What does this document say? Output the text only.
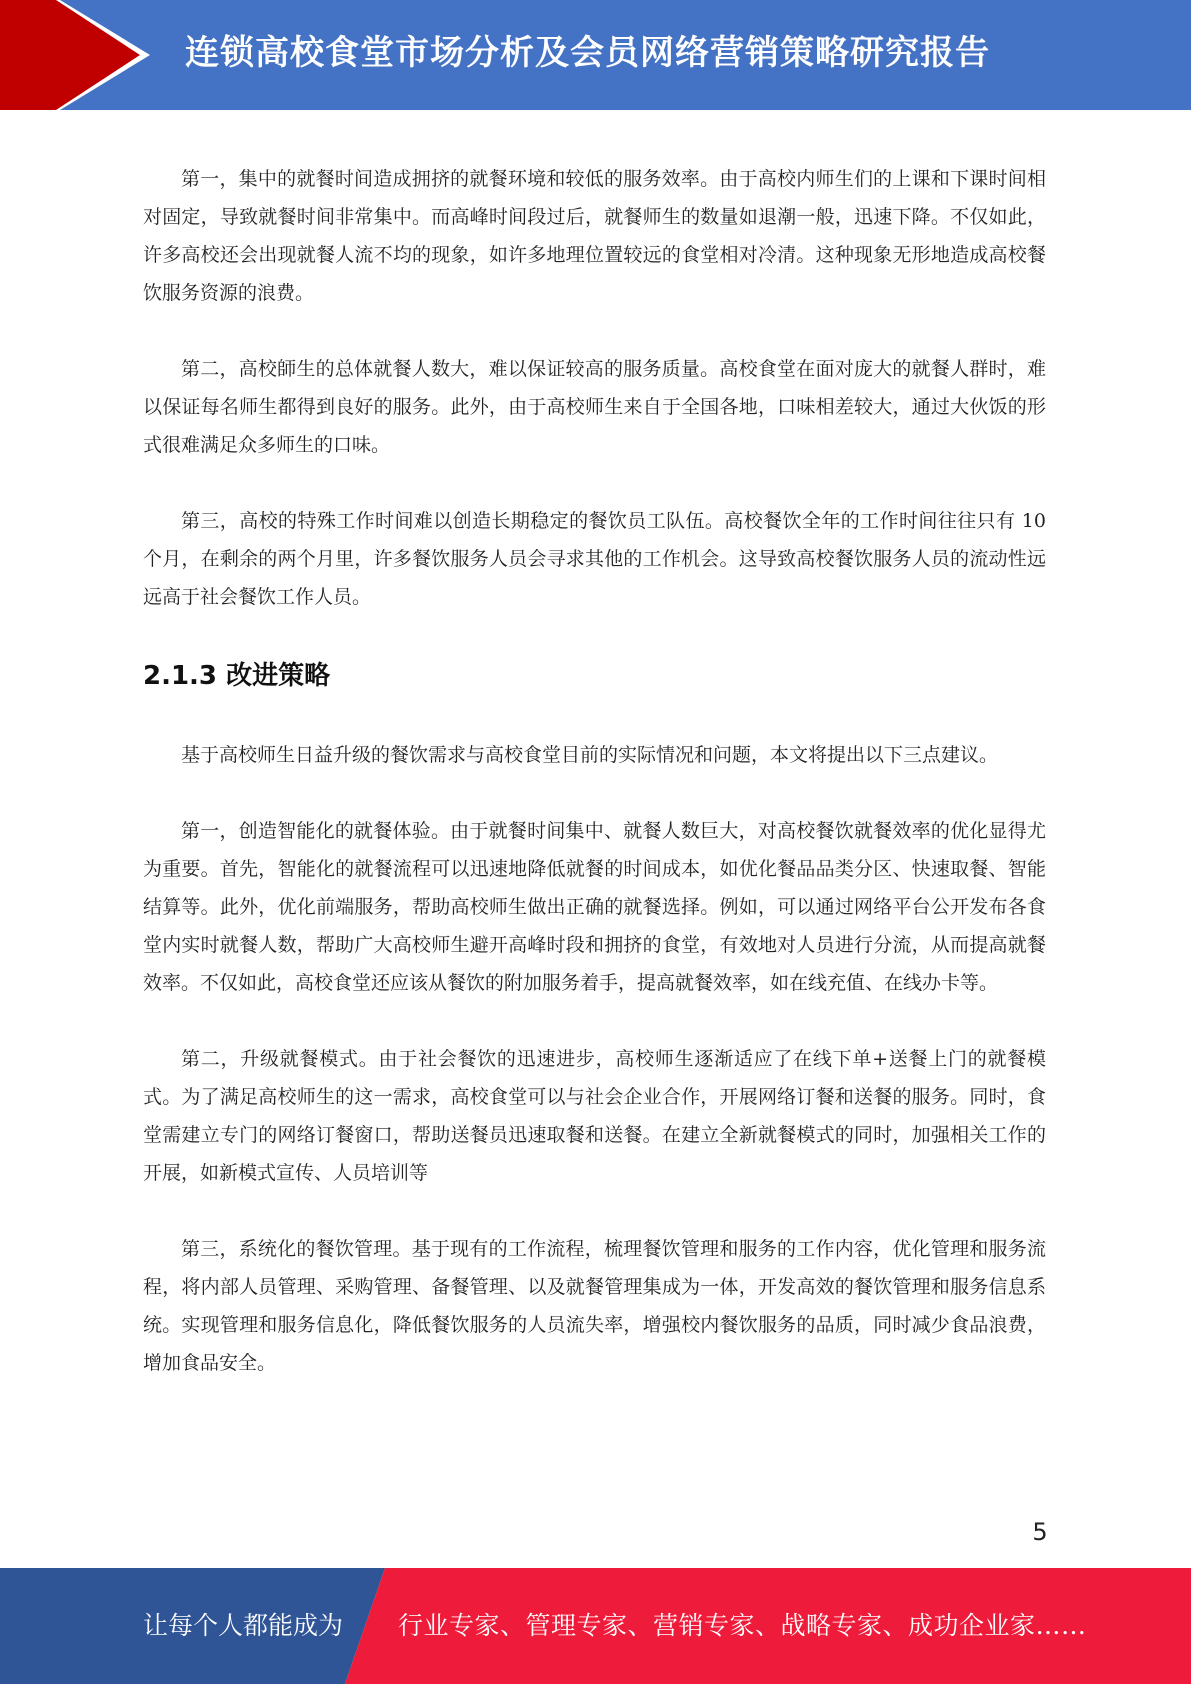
连锁高校食堂市场分析及会员网络营销策略研究报告

第一，集中的就餐时间造成拥挤的就餐环境和较低的服务效率。由于高校内师生们的上课和下课时间相对固定，导致就餐时间非常集中。而高峰时间段过后，就餐师生的数量如退潮一般，迅速下降。不仅如此，许多高校还会出现就餐人流不均的现象，如许多地理位置较远的食堂相对冷清。这种现象无形地造成高校餐饮服务资源的浪费。

第二，高校師生的总体就餐人数大，难以保证较高的服务质量。高校食堂在面对庞大的就餐人群时，难以保证每名师生都得到良好的服务。此外，由于高校师生来自于全国各地，口味相差较大，通过大伙饭的形式很难满足众多师生的口味。

第三，高校的特殊工作时间难以创造长期稳定的餐饮员工队伍。高校餐饮全年的工作时间往往只有 10 个月，在剩余的两个月里，许多餐饮服务人员会寻求其他的工作机会。这导致高校餐饮服务人员的流动性远远高于社会餐饮工作人员。

2.1.3 改进策略

基于高校师生日益升级的餐饮需求与高校食堂目前的实际情况和问题，本文将提出以下三点建议。

第一，创造智能化的就餐体验。由于就餐时间集中、就餐人数巨大，对高校餐饮就餐效率的优化显得尤为重要。首先，智能化的就餐流程可以迅速地降低就餐的时间成本，如优化餐品品类分区、快速取餐、智能结算等。此外，优化前端服务，帮助高校师生做出正确的就餐选择。例如，可以通过网络平台公开发布各食堂内实时就餐人数，帮助广大高校师生避开高峰时段和拥挤的食堂，有效地对人员进行分流，从而提高就餐效率。不仅如此，高校食堂还应该从餐饮的附加服务着手，提高就餐效率，如在线充值、在线办卡等。

第二，升级就餐模式。由于社会餐饮的迅速进步，高校师生逐渐适应了在线下单+送餐上门的就餐模式。为了满足高校师生的这一需求，高校食堂可以与社会企业合作，开展网络订餐和送餐的服务。同时，食堂需建立专门的网络订餐窗口，帮助送餐员迅速取餐和送餐。在建立全新就餐模式的同时，加强相关工作的开展，如新模式宣传、人员培训等

第三，系统化的餐饮管理。基于现有的工作流程，梳理餐饮管理和服务的工作内容，优化管理和服务流程，将内部人员管理、采购管理、备餐管理、以及就餐管理集成为一体，开发高效的餐饮管理和服务信息系统。实现管理和服务信息化，降低餐饮服务的人员流失率，增强校内餐饮服务的品质，同时减少食品浪费，增加食品安全。

5
让每个人都能成为 行业专家、管理专家、营销专家、战略专家、成功企业家……
